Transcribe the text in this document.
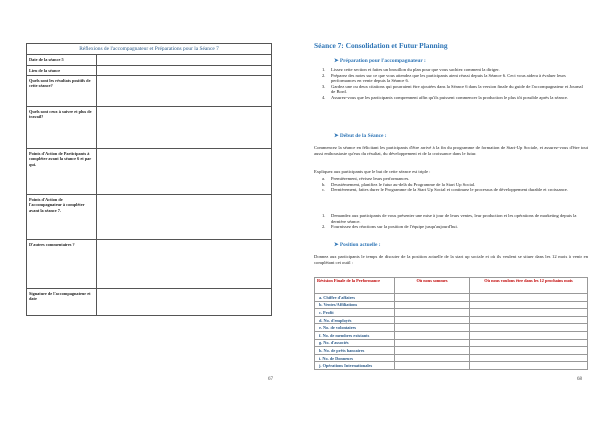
Réflexions de l'accompagnateur et Préparations pour la Séance 7	
Date de la séance 5	
Lieu de la séance	
Quels sont les résultats positifs de cette séance?	
Quels sont ceux à suivre et plus de travail?	
Points d'Action de Participants à compléter avant la séance 6 et par qui.	
Points d'Action de l'accompagnateur à compléter avant la séance 7.	
D'autres commentaires ?	
Signature de l'accompagnateur et date	
67
Séance 7: Consolidation et Futur Planning
➤ Préparation pour l'accompagnateur :
1.	Lissez cette section et faites un brouillon du plan pour que vous sachiez comment la diriger.
2.	Préparez des notes sur ce que vous attendez que les participants aient réussi depuis la Séance 6. Ceci vous aidera à évaluer leurs performances en vente depuis la Séance 6.
3.	Gardez une ou deux citations qui pourraient être ajoutées dans la Séance 6 dans la version finale du guide de l'accompagnateur et Journal de Bord.
4.	Assurez-vous que les participants comprennent affin qu'ils puissent commencer la production le plus tôt possible après la séance.
➤ Début de la Séance :
Commencez la séance en félicitant les participants d'être arrivé à la fin du programme de formation de Start-Up Sociale, et assurez-vous d'être tout aussi enthousiaste qu'eux du résultat, du développement et de la croissance dans le futur.
Expliquez aux participants que le but de cette séance est triple :
a.	Premièrement, révisez leurs performances.
b.	Deuxièmement, planifiez le futur au-delà du Programme de la Start Up Social.
c.	Dernièrement, faites durer le Programme de la Start Up Social et continuez le processus de développement durable et croissance.
1.	Demandez aux participants de vous présenter une mise à jour de leurs ventes, leur production et les opérations de marketing depuis la dernière séance.
2.	Fournissez des réactions sur la position de l'équipe jusqu'aujourd'hui.
➤ Position actuelle :
Donnez aux participants le temps de discuter de la position actuelle de la start up sociale et où ils veulent se situer dans les 12 mois à venir en complétant cet outil :
Révision Finale de la Performance	Où nous sommes	Où nous voulons être dans les 12 prochains mois
a. Chiffre d'affaires		
b. Ventes/Affiliations		
c. Profit		
d. No. d'employés		
e. No. de volontaires		
f. No. de membres existants		
g. No. d'associés		
h. No. de prêts bancaires		
i. No. de Donneurs		
j. Opérations Internationales		
68
